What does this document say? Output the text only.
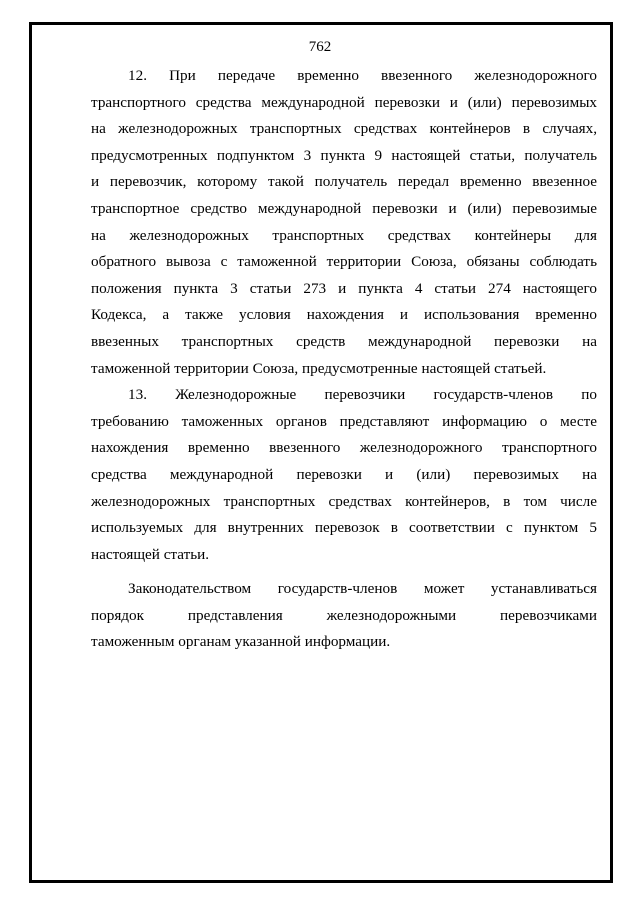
762
12. При передаче временно ввезенного железнодорожного
транспортного средства международной перевозки и (или) перевозимых
на железнодорожных транспортных средствах контейнеров в случаях,
предусмотренных подпунктом 3 пункта 9 настоящей статьи, получатель
и перевозчик, которому такой получатель передал временно ввезенное
транспортное средство международной перевозки и (или) перевозимые
на железнодорожных транспортных средствах контейнеры для
обратного вывоза с таможенной территории Союза, обязаны соблюдать
положения пункта 3 статьи 273 и пункта 4 статьи 274 настоящего
Кодекса, а также условия нахождения и использования временно
ввезенных транспортных средств международной перевозки на
таможенной территории Союза, предусмотренные настоящей статьей.
13. Железнодорожные перевозчики государств-членов по
требованию таможенных органов представляют информацию о месте
нахождения временно ввезенного железнодорожного транспортного
средства международной перевозки и (или) перевозимых на
железнодорожных транспортных средствах контейнеров, в том числе
используемых для внутренних перевозок в соответствии с пунктом 5
настоящей статьи.
Законодательством государств-членов может устанавливаться
порядок представления железнодорожными перевозчиками
таможенным органам указанной информации.
